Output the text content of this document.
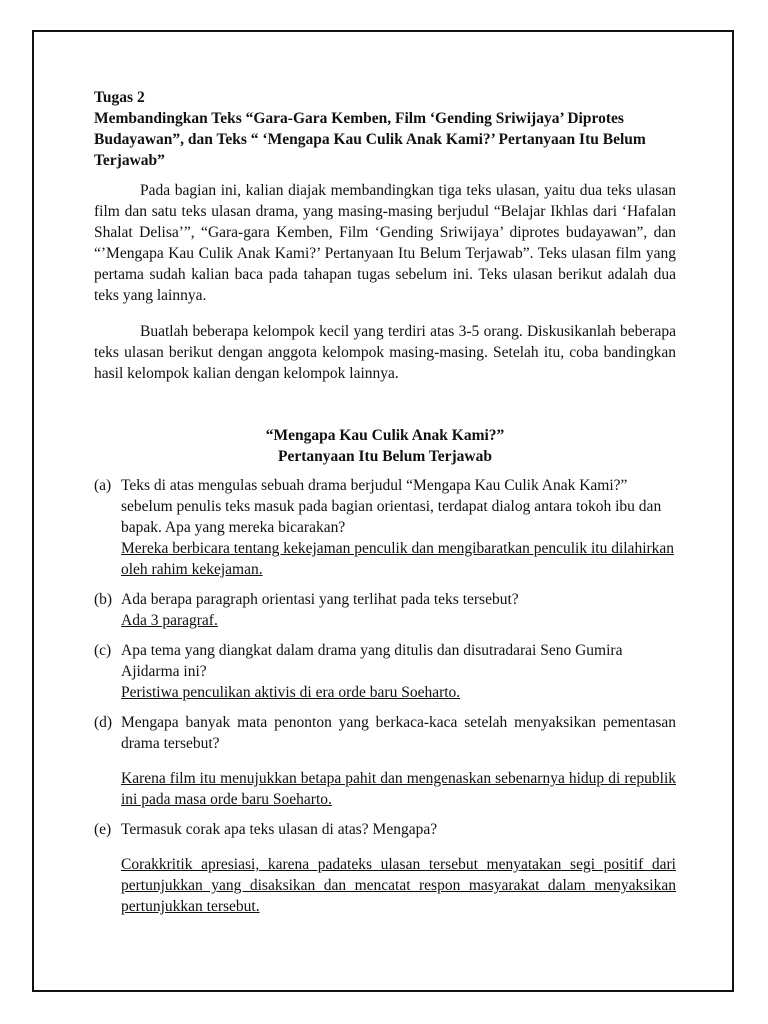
Tugas 2

Membandingkan Teks “Gara-Gara Kemben, Film ‘Gending Sriwijaya’ Diprotes Budayawan”, dan Teks “ ‘Mengapa Kau Culik Anak Kami?’ Pertanyaan Itu Belum Terjawab”

Pada bagian ini, kalian diajak membandingkan tiga teks ulasan, yaitu dua teks ulasan film dan satu teks ulasan drama, yang masing-masing berjudul “Belajar Ikhlas dari ‘Hafalan Shalat Delisa’”, “Gara-gara Kemben, Film ‘Gending Sriwijaya’ diprotes budayawan”, dan “’Mengapa Kau Culik Anak Kami?’ Pertanyaan Itu Belum Terjawab”. Teks ulasan film yang pertama sudah kalian baca pada tahapan tugas sebelum ini. Teks ulasan berikut adalah dua teks yang lainnya.

Buatlah beberapa kelompok kecil yang terdiri atas 3-5 orang. Diskusikanlah beberapa teks ulasan berikut dengan anggota kelompok masing-masing. Setelah itu, coba bandingkan hasil kelompok kalian dengan kelompok lainnya.

“Mengapa Kau Culik Anak Kami?”
Pertanyaan Itu Belum Terjawab
(a) Teks di atas mengulas sebuah drama berjudul “Mengapa Kau Culik Anak Kami?” sebelum penulis teks masuk pada bagian orientasi, terdapat dialog antara tokoh ibu dan bapak. Apa yang mereka bicarakan?

Mereka berbicara tentang kekejaman penculik dan mengibaratkan penculik itu dilahirkan oleh rahim kekejaman.

(b) Ada berapa paragraph orientasi yang terlihat pada teks tersebut?

Ada 3 paragraf.

(c) Apa tema yang diangkat dalam drama yang ditulis dan disutradarai Seno Gumira Ajidarma ini?

Peristiwa penculikan aktivis di era orde baru Soeharto.

(d) Mengapa banyak mata penonton yang berkaca-kaca setelah menyaksikan pementasan drama tersebut?

Karena film itu menujukkan betapa pahit dan mengenaskan sebenarnya hidup di republik ini pada masa orde baru Soeharto.

(e) Termasuk corak apa teks ulasan di atas? Mengapa?

Corakkritik apresiasi, karena padateks ulasan tersebut menyatakan segi positif dari pertunjukkan yang disaksikan dan mencatat respon masyarakat dalam menyaksikan pertunjukkan tersebut.
